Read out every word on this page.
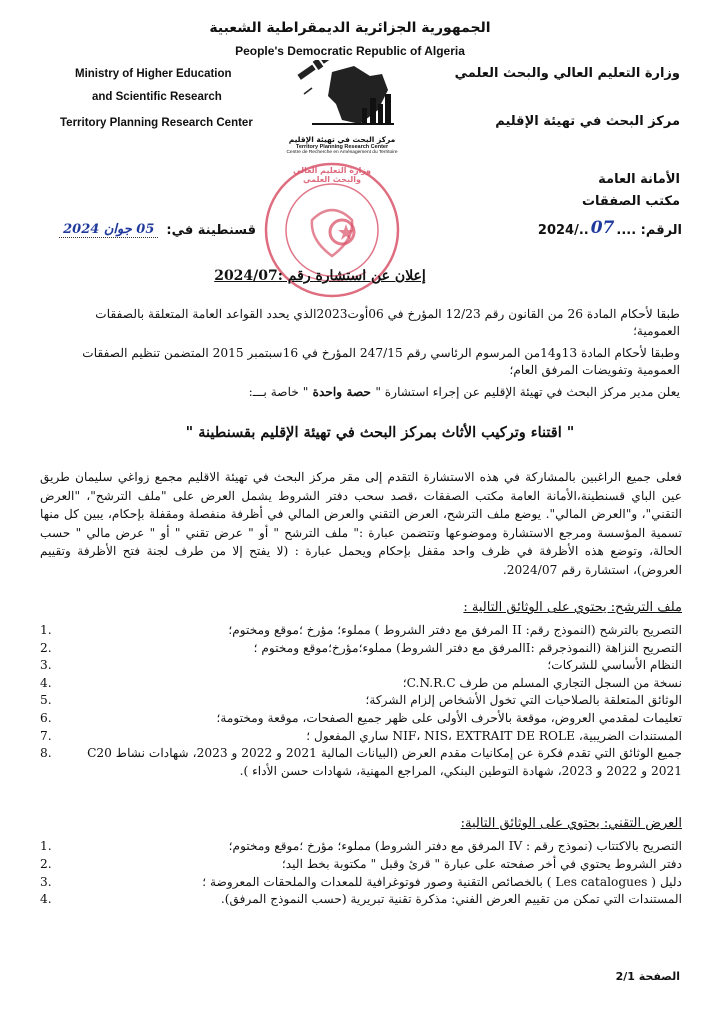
الجمهورية الجزائرية الديمقراطية الشعبية
People's Democratic Republic of Algeria
Ministry of Higher Education
and Scientific Research
Territory Planning Research Center
وزارة التعليم العالي والبحث العلمي
مركز البحث في تهيئة الإقليم
مركز البحث في تهيئة الإقليم
Territory Planning Research Center
Centre de Recherche en Aménagement du Territoire
الأمانة العامة
مكتب الصفقات
الرقم: ....
07
../2024
قسنطينة في:
05 جوان 2024
وزارة التعليم العالي والبحث العلمي
إعلان عن استشارة رقم :2024/07
طبقا لأحكام المادة 26 من القانون رقم 12/23 المؤرخ في 06أوت2023الذي يحدد القواعد العامة المتعلقة بالصفقات العمومية؛
وطبقا لأحكام المادة 13و14من المرسوم الرئاسي رقم 247/15 المؤرخ في 16سبتمبر 2015 المتضمن تنظيم الصفقات العمومية وتفويضات المرفق العام؛
يعلن مدير مركز البحث في تهيئة الإقليم عن إجراء استشارة " حصة واحدة " خاصة بـــ:
" اقتناء وتركيب الأثاث بمركز البحث في تهيئة الإقليم بقسنطينة "
فعلى جميع الراغبين بالمشاركة في هذه الاستشارة التقدم إلى مقر مركز البحث في تهيئة الاقليم مجمع زواغي سليمان طريق عين الباي قسنطينة،الأمانة العامة مكتب الصفقات ،قصد سحب دفتر الشروط يشمل العرض على "ملف الترشح"، "العرض التقني"، و"العرض المالي". يوضع ملف الترشح، العرض التقني والعرض المالي في أظرفة منفصلة ومقفلة بإحكام، يبين كل منها تسمية المؤسسة ومرجع الاستشارة وموضوعها وتتضمن عبارة :" ملف الترشح " أو " عرض تقني " أو " عرض مالي " حسب الحالة، وتوضع هذه الأظرفة في ظرف واحد مقفل بإحكام ويحمل عبارة : (لا يفتح إلا من طرف لجنة فتح الأظرفة وتقييم العروض)، استشارة رقم 2024/07.
ملف الترشح: يحتوي على الوثائق التالية :
.1	التصريح بالترشح (النموذج رقم: II المرفق مع دفتر الشروط ) مملوء؛ مؤرخ ؛موقع ومختوم؛
.2	التصريح النزاهة (النموذجرقم :Iالمرفق مع دفتر الشروط) مملوء؛مؤرخ؛موقع ومختوم ؛
.3	النظام الأساسي للشركات؛
.4	نسخة من السجل التجاري المسلم من طرف C.N.R.C؛
.5	الوثائق المتعلقة بالصلاحيات التي تخول الأشخاص إلزام الشركة؛
.6	تعليمات لمقدمي العروض، موقعة بالأحرف الأولى على ظهر جميع الصفحات، موقعة ومختومة؛
.7	المستندات الضريبية، NIF، NIS، EXTRAIT DE ROLE ساري المفعول ؛
.8	جميع الوثائق التي تقدم فكرة عن إمكانيات مقدم العرض (البيانات المالية 2021 و 2022 و 2023، شهادات نشاط C20 2021 و 2022 و 2023، شهادة التوطين البنكي، المراجع المهنية، شهادات حسن الأداء ).
العرض التقني: يحتوي على الوثائق التالية:
.1	التصريح بالاكتتاب (نموذج رقم : IV المرفق مع دفتر الشروط) مملوء؛ مؤرخ ؛موقع ومختوم؛
.2	دفتر الشروط يحتوي في أخر صفحته على عبارة " قرئ وقبل " مكتوبة بخط اليد؛
.3	دليل ( Les catalogues ) بالخصائص التقنية وصور فوتوغرافية للمعدات والملحقات المعروضة ؛
.4	المستندات التي تمكن من تقييم العرض الفني: مذكرة تقنية تبريرية (حسب النموذج المرفق).
الصفحة 2/1
